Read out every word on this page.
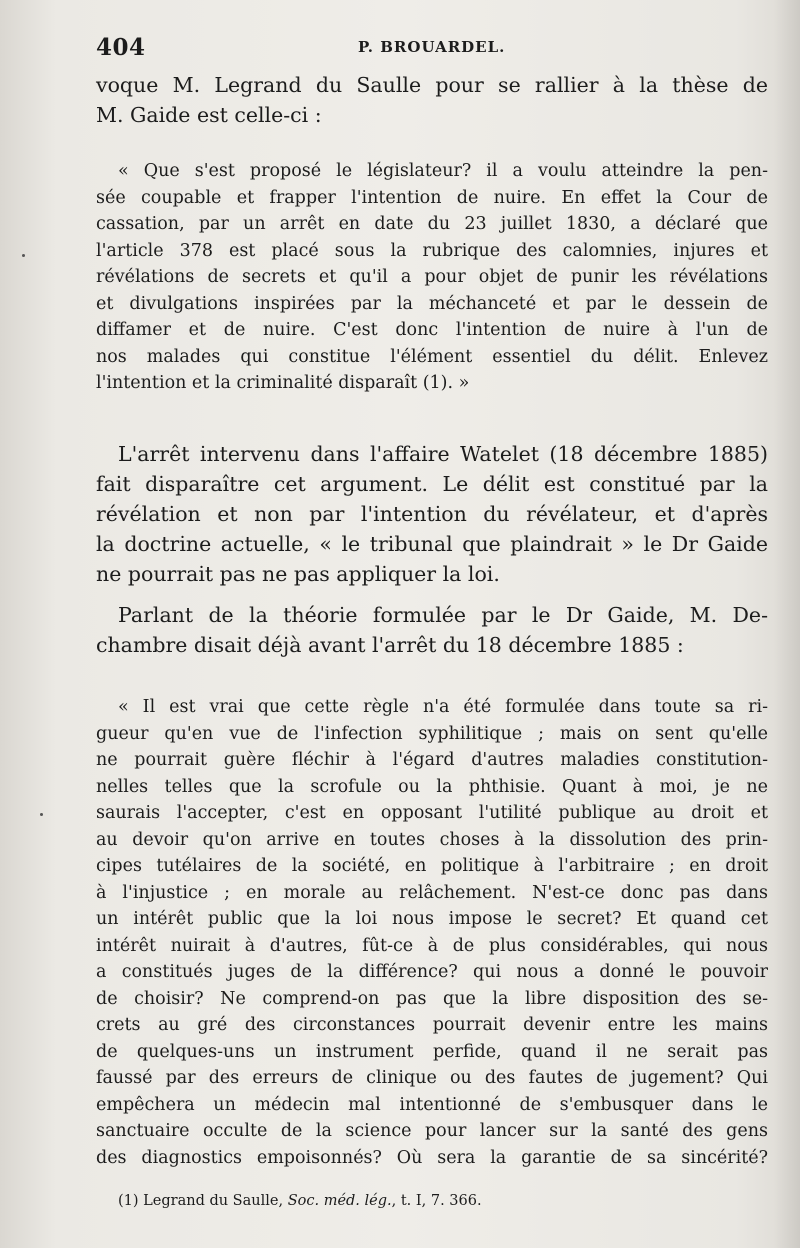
404	P. BROUARDEL.
voque M. Legrand du Saulle pour se rallier à la thèse de
M. Gaide est celle-ci :
« Que s'est proposé le législateur? il a voulu atteindre la pen-
sée coupable et frapper l'intention de nuire. En effet la Cour de
cassation, par un arrêt en date du 23 juillet 1830, a déclaré que
l'article 378 est placé sous la rubrique des calomnies, injures et
révélations de secrets et qu'il a pour objet de punir les révélations
et divulgations inspirées par la méchanceté et par le dessein de
diffamer et de nuire. C'est donc l'intention de nuire à l'un de
nos malades qui constitue l'élément essentiel du délit. Enlevez
l'intention et la criminalité disparaît (1). »
L'arrêt intervenu dans l'affaire Watelet (18 décembre 1885)
fait disparaître cet argument. Le délit est constitué par la
révélation et non par l'intention du révélateur, et d'après
la doctrine actuelle, « le tribunal que plaindrait » le Dr Gaide
ne pourrait pas ne pas appliquer la loi.
Parlant de la théorie formulée par le Dr Gaide, M. De-
chambre disait déjà avant l'arrêt du 18 décembre 1885 :
« Il est vrai que cette règle n'a été formulée dans toute sa ri-
gueur qu'en vue de l'infection syphilitique ; mais on sent qu'elle
ne pourrait guère fléchir à l'égard d'autres maladies constitution-
nelles telles que la scrofule ou la phthisie. Quant à moi, je ne
saurais l'accepter, c'est en opposant l'utilité publique au droit et
au devoir qu'on arrive en toutes choses à la dissolution des prin-
cipes tutélaires de la société, en politique à l'arbitraire ; en droit
à l'injustice ; en morale au relâchement. N'est-ce donc pas dans
un intérêt public que la loi nous impose le secret? Et quand cet
intérêt nuirait à d'autres, fût-ce à de plus considérables, qui nous
a constitués juges de la différence? qui nous a donné le pouvoir
de choisir? Ne comprend-on pas que la libre disposition des se-
crets au gré des circonstances pourrait devenir entre les mains
de quelques-uns un instrument perfide, quand il ne serait pas
faussé par des erreurs de clinique ou des fautes de jugement? Qui
empêchera un médecin mal intentionné de s'embusquer dans le
sanctuaire occulte de la science pour lancer sur la santé des gens
des diagnostics empoisonnés? Où sera la garantie de sa sincérité?
(1) Legrand du Saulle, Soc. méd. lég., t. I, 7. 366.
